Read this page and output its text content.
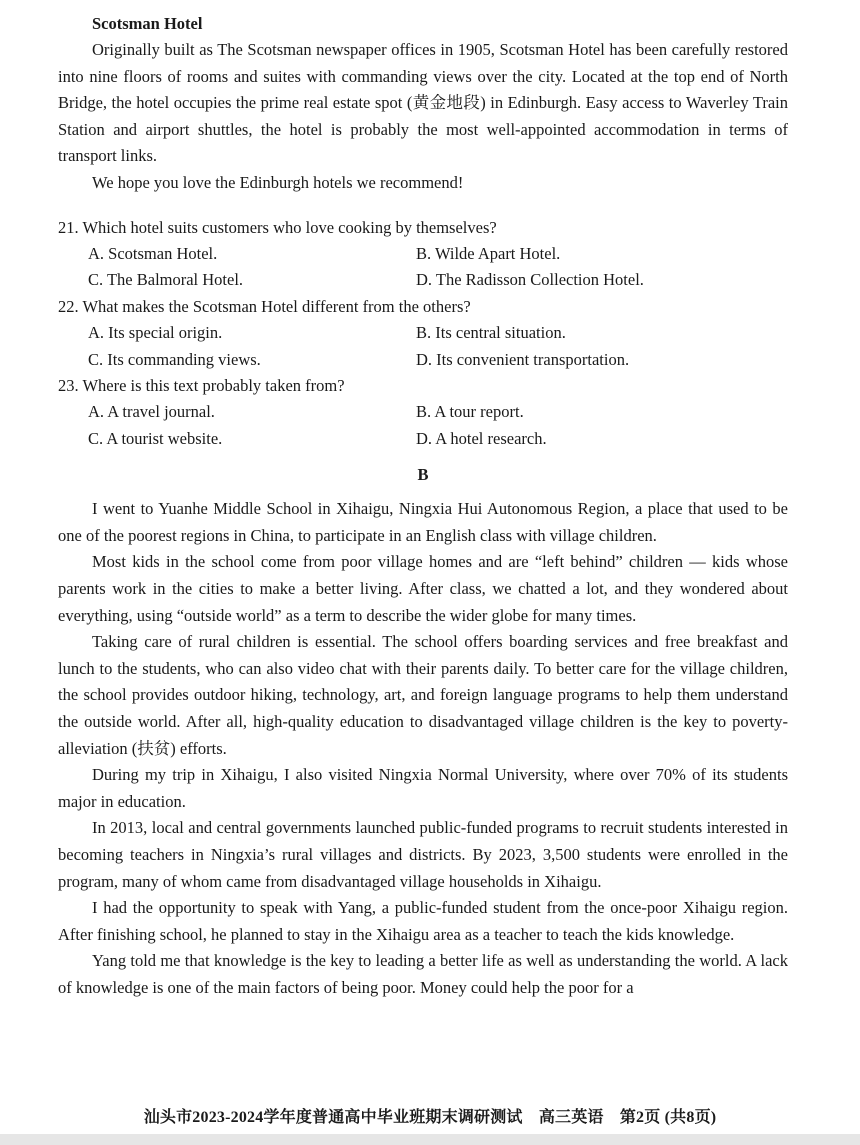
Scotsman Hotel

Originally built as The Scotsman newspaper offices in 1905, Scotsman Hotel has been carefully restored into nine floors of rooms and suites with commanding views over the city. Located at the top end of North Bridge, the hotel occupies the prime real estate spot (黄金地段) in Edinburgh. Easy access to Waverley Train Station and airport shuttles, the hotel is probably the most well-appointed accommodation in terms of transport links.

We hope you love the Edinburgh hotels we recommend!

21. Which hotel suits customers who love cooking by themselves?

A. Scotsman Hotel.	B. Wilde Apart Hotel.
C. The Balmoral Hotel.	D. The Radisson Collection Hotel.

22. What makes the Scotsman Hotel different from the others?

A. Its special origin.	B. Its central situation.
C. Its commanding views.	D. Its convenient transportation.

23. Where is this text probably taken from?

A. A travel journal.	B. A tour report.
C. A tourist website.	D. A hotel research.
B

I went to Yuanhe Middle School in Xihaigu, Ningxia Hui Autonomous Region, a place that used to be one of the poorest regions in China, to participate in an English class with village children.

Most kids in the school come from poor village homes and are “left behind” children — kids whose parents work in the cities to make a better living. After class, we chatted a lot, and they wondered about everything, using “outside world” as a term to describe the wider globe for many times.

Taking care of rural children is essential. The school offers boarding services and free breakfast and lunch to the students, who can also video chat with their parents daily. To better care for the village children, the school provides outdoor hiking, technology, art, and foreign language programs to help them understand the outside world. After all, high-quality education to disadvantaged village children is the key to poverty-alleviation (扶贫) efforts.

During my trip in Xihaigu, I also visited Ningxia Normal University, where over 70% of its students major in education.

In 2013, local and central governments launched public-funded programs to recruit students interested in becoming teachers in Ningxia’s rural villages and districts. By 2023, 3,500 students were enrolled in the program, many of whom came from disadvantaged village households in Xihaigu.

I had the opportunity to speak with Yang, a public-funded student from the once-poor Xihaigu region. After finishing school, he planned to stay in the Xihaigu area as a teacher to teach the kids knowledge.

Yang told me that knowledge is the key to leading a better life as well as understanding the world. A lack of knowledge is one of the main factors of being poor. Money could help the poor for a

汕头市2023-2024学年度普通高中毕业班期末调研测试 高三英语 第2页 (共8页)
